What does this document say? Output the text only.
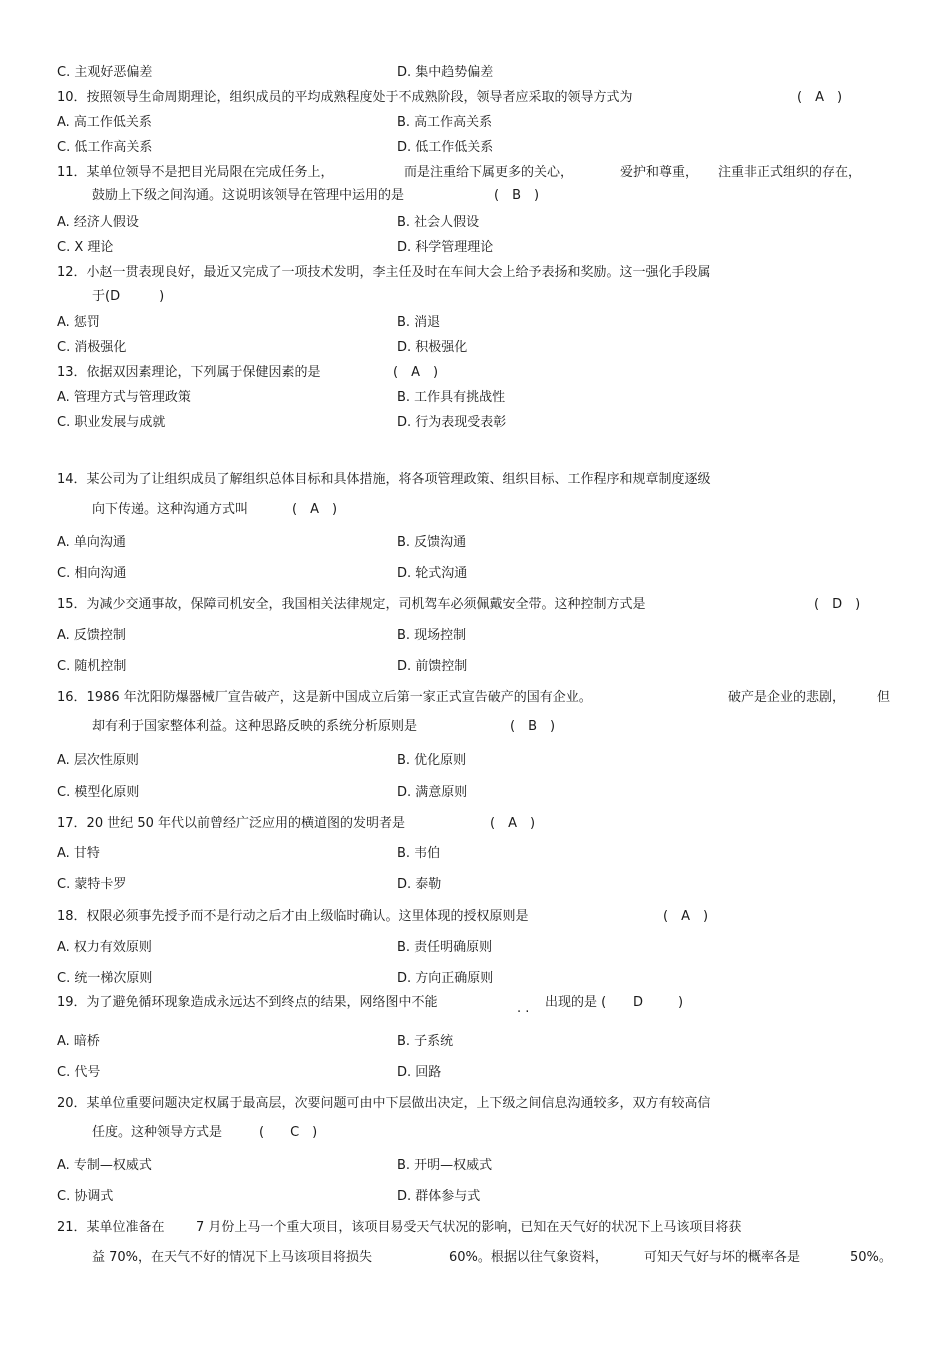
C. 主观好恶偏差	D. 集中趋势偏差
10．按照领导生命周期理论，组织成员的平均成熟程度处于不成熟阶段，领导者应采取的领导方式为	(　A　)
A. 高工作低关系	B. 高工作高关系
C. 低工作高关系	D. 低工作低关系
11．某单位领导不是把目光局限在完成任务上，	而是注重给下属更多的关心，	爱护和尊重， 注重非正式组织的存在，
鼓励上下级之间沟通。这说明该领导在管理中运用的是	(　B　)
A. 经济人假设	B. 社会人假设
C. X 理论	D. 科学管理理论
12．小赵一贯表现良好，最近又完成了一项技术发明，李主任及时在车间大会上给予表扬和奖励。这一强化手段属
于(D　　　)
A. 惩罚	B. 消退
C. 消极强化	D. 积极强化
13．依据双因素理论，下列属于保健因素的是	(　A　)
A. 管理方式与管理政策	B. 工作具有挑战性
C. 职业发展与成就	D. 行为表现受表彰
14．某公司为了让组织成员了解组织总体目标和具体措施，将各项管理政策、组织目标、工作程序和规章制度逐级
向下传递。这种沟通方式叫	(　A　)
A. 单向沟通	B. 反馈沟通
C. 相向沟通	D. 轮式沟通
15．为减少交通事故，保障司机安全，我国相关法律规定，司机驾车必须佩戴安全带。这种控制方式是	(　D　)
A. 反馈控制	B. 现场控制
C. 随机控制	D. 前馈控制
16．1986 年沈阳防爆器械厂宣告破产，这是新中国成立后第一家正式宣告破产的国有企业。	破产是企业的悲剧， 但
却有利于国家整体利益。这种思路反映的系统分析原则是	(　B　)
A. 层次性原则	B. 优化原则
C. 模型化原则	D. 满意原则
17．20 世纪 50 年代以前曾经广泛应用的横道图的发明者是	(　A　)
A. 甘特	B. 韦伯
C. 蒙特卡罗	D. 泰勒
18．权限必须事先授予而不是行动之后才由上级临时确认。这里体现的授权原则是	(　A　)
A. 权力有效原则	B. 责任明确原则
C. 统一梯次原则	D. 方向正确原则
19．为了避免循环现象造成永远达不到终点的结果，网络图中不能
· ·
出现的是 ( D	)
A. 暗桥	B. 子系统
C. 代号	D. 回路
20．某单位重要问题决定权属于最高层，次要问题可由中下层做出决定，上下级之间信息沟通较多，双方有较高信
任度。这种领导方式是	(　　C　)
A. 专制—权威式	B. 开明—权威式
C. 协调式	D. 群体参与式
21．某单位准备在 7 月份上马一个重大项目，该项目易受天气状况的影响，已知在天气好的状况下上马该项目将获
益 70%，在天气不好的情况下上马该项目将损失	60%。根据以往气象资料，	可知天气好与坏的概率各是	50%。
